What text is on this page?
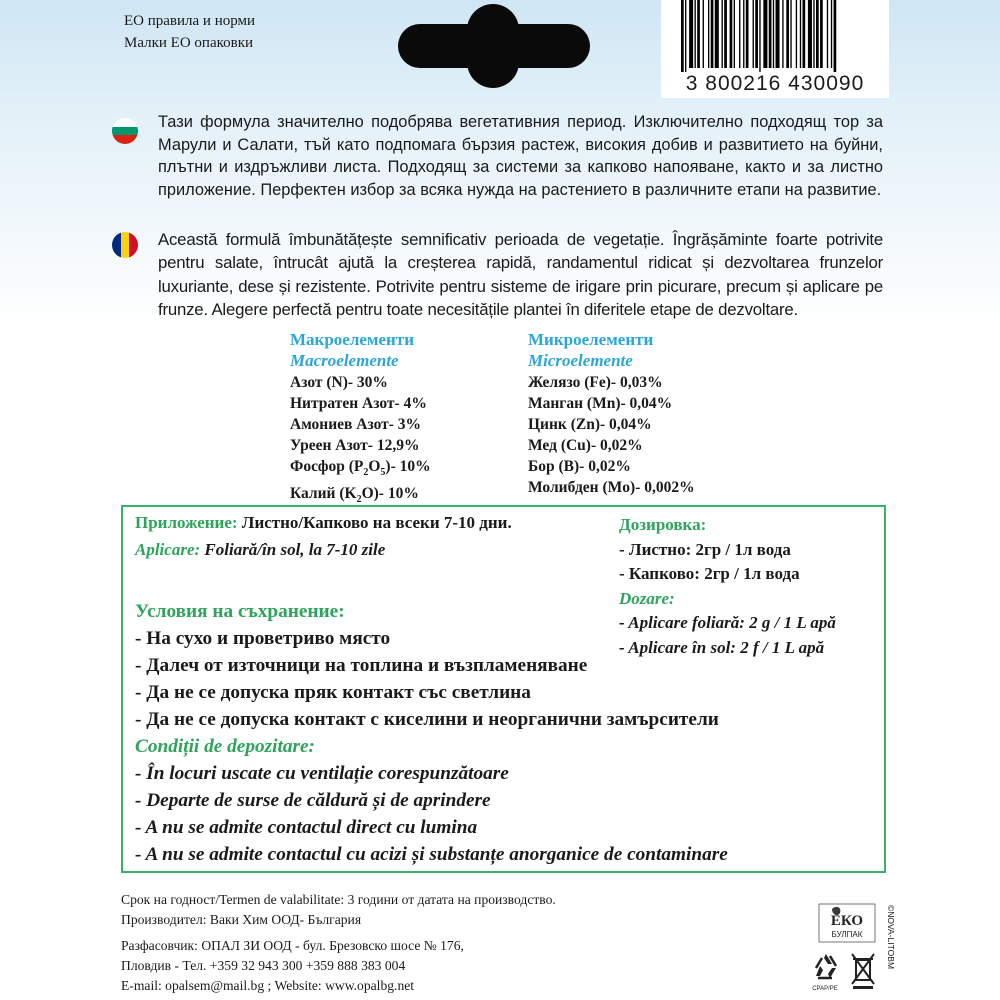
ЕО правила и норми
Малки ЕО опаковки
3 800216 430090
Тази формула значително подобрява вегетативния период. Изключително подходящ тор за Марули и Салати, тъй като подпомага бързия растеж, високия добив и развитието на буйни, плътни и издръжливи листа. Подходящ за системи за капково напояване, както и за листно приложение. Перфектен избор за всяка нужда на растението в различните етапи на развитие.
Această formulă îmbunătățește semnificativ perioada de vegetație. Îngrășăminte foarte potrivite pentru salate, întrucât ajută la creșterea rapidă, randamentul ridicat și dezvoltarea frunzelor luxuriante, dese și rezistente. Potrivite pentru sisteme de irigare prin picurare, precum și aplicare pe frunze. Alegere perfectă pentru toate necesitățile plantei în diferitele etape de dezvoltare.
Макроелементи
Macroelemente
Азот (N)- 30%
Нитратен Азот- 4%
Амониев Азот- 3%
Уреен Азот- 12,9%
Фосфор $(P_2O_5)-$ 10%
Калий $(K_2O)-$ 10%
Микроелементи
Microelemente
Желязо (Fe)- 0,03%
Манган (Mn)- 0,04%
Цинк (Zn)- 0,04%
Мед (Cu)- 0,02%
Бор (B)- 0,02%
Молибден (Mo)- 0,002%
Приложение: Листно/Капково на всеки 7-10 дни.
Aplicare: Foliară/în sol, la 7-10 zile
Дозировка:
- Листно: 2гр / 1л вода
- Капково: 2гр / 1л вода
Dozare:
- Aplicare foliară: 2 g / 1 L apă
- Aplicare în sol: 2 f / 1 L apă
Условия на съхранение:
- На сухо и проветриво място
- Далеч от източници на топлина и възпламеняване
- Да не се допуска пряк контакт със светлина
- Да не се допуска контакт с киселини и неорганични замърсители
Condiții de depozitare:
- În locuri uscate cu ventilație corespunzătoare
- Departe de surse de căldură și de aprindere
- A nu se admite contactul direct cu lumina
- A nu se admite contactul cu acizi și substanțe anorganice de contaminare
Срок на годност/Termen de valabilitate: 3 години от датата на производство.
Производител: Ваки Хим ООД- България
Разфасовчик: ОПАЛ ЗИ ООД - бул. Брезовско шосе № 176,
Пловдив - Тел. +359 32 943 300 +359 888 383 004
E-mail: opalsem@mail.bg ; Website: www.opalbg.net
ЕКО
БУЛПАК
CPAP/PE
©NOVA-LITOBM
